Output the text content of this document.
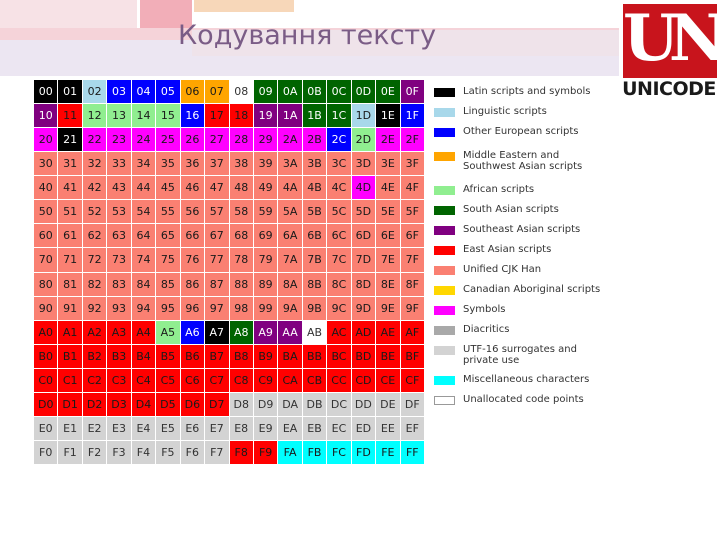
Кодування тексту	UN
UNICODE
00 01 02 03 04 05 06 07 08 09 0A 0B 0C 0D 0E 0F
10 11 12 13 14 15 16 17 18 19 1A 1B 1C 1D 1E 1F
20 21 22 23 24 25 26 27 28 29 2A 2B 2C 2D 2E 2F
30 31 32 33 34 35 36 37 38 39 3A 3B 3C 3D 3E 3F
40 41 42 43 44 45 46 47 48 49 4A 4B 4C 4D 4E 4F
50 51 52 53 54 55 56 57 58 59 5A 5B 5C 5D 5E 5F
60 61 62 63 64 65 66 67 68 69 6A 6B 6C 6D 6E 6F
70 71 72 73 74 75 76 77 78 79 7A 7B 7C 7D 7E 7F
80 81 82 83 84 85 86 87 88 89 8A 8B 8C 8D 8E 8F
90 91 92 93 94 95 96 97 98 99 9A 9B 9C 9D 9E 9F
A0 A1 A2 A3 A4 A5 A6 A7 A8 A9 AA AB AC AD AE AF
B0 B1 B2 B3 B4 B5 B6 B7 B8 B9 BA BB BC BD BE BF
C0 C1 C2 C3 C4 C5 C6 C7 C8 C9 CA CB CC CD CE CF
D0 D1 D2 D3 D4 D5 D6 D7 D8 D9 DA DB DC DD DE DF
E0 E1 E2 E3 E4 E5 E6 E7 E8 E9 EA EB EC ED EE EF
F0	F1	F2	F3	F4	F5	F6	F7	F8	F9	FA	FB FC FD FE	FF
Latin scripts and symbols
Linguistic scripts
Other European scripts
Middle Eastern and Southwest Asian scripts
African scripts
South Asian scripts
Southeast Asian scripts
East Asian scripts
Unified CJK Han
Canadian Aboriginal scripts
Symbols
Diacritics
UTF-16 surrogates and private use
Miscellaneous characters
Unallocated code points
